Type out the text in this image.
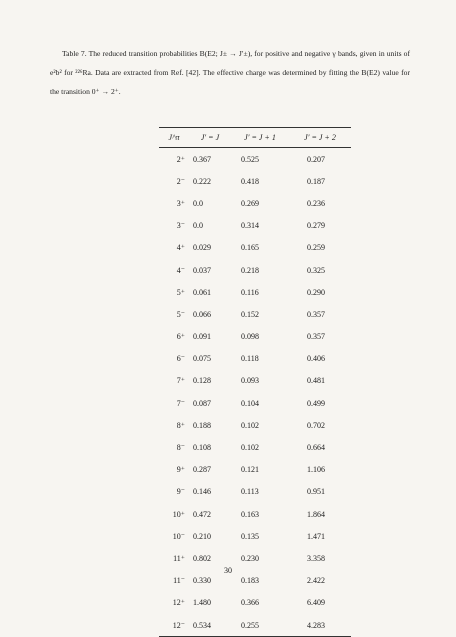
Table 7. The reduced transition probabilities B(E2; J± → J′±), for positive and negative γ bands, given in units of e²b² for ²²⁶Ra. Data are extracted from Ref. [42]. The effective charge was determined by fitting the B(E2) value for the transition 0⁺ → 2⁺.
J^π	J′ = J	J′ = J + 1	J′ = J + 2
2⁺	0.367	0.525	0.207
2⁻	0.222	0.418	0.187
3⁺	0.0	0.269	0.236
3⁻	0.0	0.314	0.279
4⁺	0.029	0.165	0.259
4⁻	0.037	0.218	0.325
5⁺	0.061	0.116	0.290
5⁻	0.066	0.152	0.357
6⁺	0.091	0.098	0.357
6⁻	0.075	0.118	0.406
7⁺	0.128	0.093	0.481
7⁻	0.087	0.104	0.499
8⁺	0.188	0.102	0.702
8⁻	0.108	0.102	0.664
9⁺	0.287	0.121	1.106
9⁻	0.146	0.113	0.951
10⁺	0.472	0.163	1.864
10⁻	0.210	0.135	1.471
11⁺	0.802	0.230	3.358
11⁻	0.330	0.183	2.422
12⁺	1.480	0.366	6.409
12⁻	0.534	0.255	4.283
30
